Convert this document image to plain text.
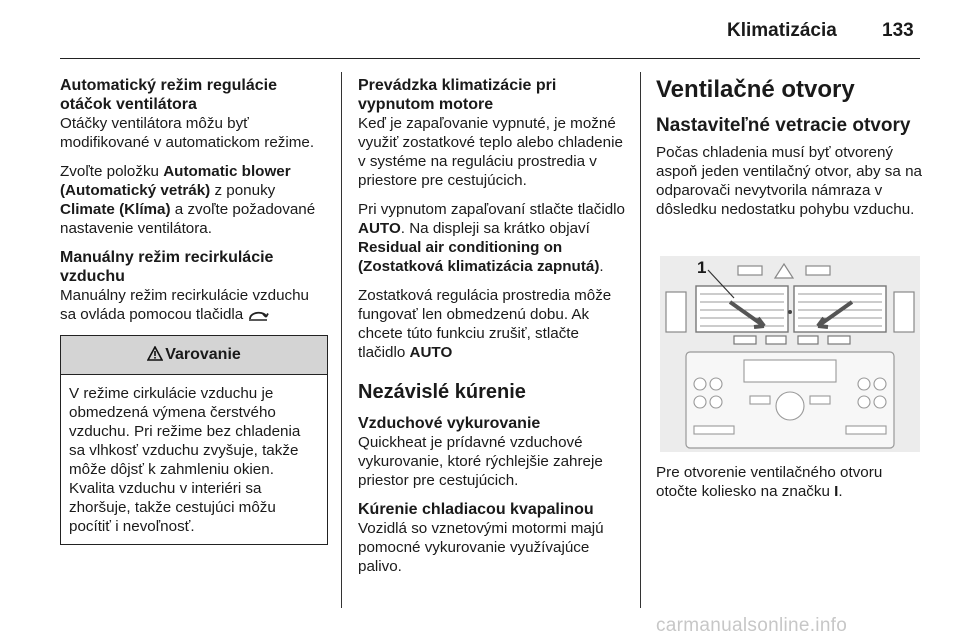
Klimatizácia 133
Automatický režim regulácie otáčok ventilátora

Otáčky ventilátora môžu byť modifikované v automatickom režime.

Zvoľte položku Automatic blower (Automatický vetrák) z ponuky Climate (Klíma) a zvoľte požadované nastavenie ventilátora.

Manuálny režim recirkulácie vzduchu

Manuálny režim recirkulácie vzduchu sa ovláda pomocou tlačidla

Varovanie
V režime cirkulácie vzduchu je obmedzená výmena čerstvého vzduchu. Pri režime bez chladenia sa vlhkosť vzduchu zvyšuje, takže môže dôjsť k zahmleniu okien. Kvalita vzduchu v interiéri sa zhoršuje, takže cestujúci môžu pocítiť i nevoľnosť.
Prevádzka klimatizácie pri vypnutom motore

Keď je zapaľovanie vypnuté, je možné využiť zostatkové teplo alebo chladenie v systéme na reguláciu prostredia v priestore pre cestujúcich.

Pri vypnutom zapaľovaní stlačte tlačidlo AUTO. Na displeji sa krátko objaví Residual air conditioning on (Zostatková klimatizácia zapnutá).

Zostatková regulácia prostredia môže fungovať len obmedzenú dobu. Ak chcete túto funkciu zrušiť, stlačte tlačidlo AUTO

Nezávislé kúrenie
Vzduchové vykurovanie

Quickheat je prídavné vzduchové vykurovanie, ktoré rýchlejšie zahreje priestor pre cestujúcich.

Kúrenie chladiacou kvapalinou

Vozidlá so vznetovými motormi majú pomocné vykurovanie využívajúce palivo.

Ventilačné otvory
Nastaviteľné vetracie otvory

Počas chladenia musí byť otvorený aspoň jeden ventilačný otvor, aby sa na odparovači nevytvorila námraza v dôsledku nedostatku pohybu vzduchu.

Pre otvorenie ventilačného otvoru otočte koliesko na značku I.

1
carmanualsonline.info
